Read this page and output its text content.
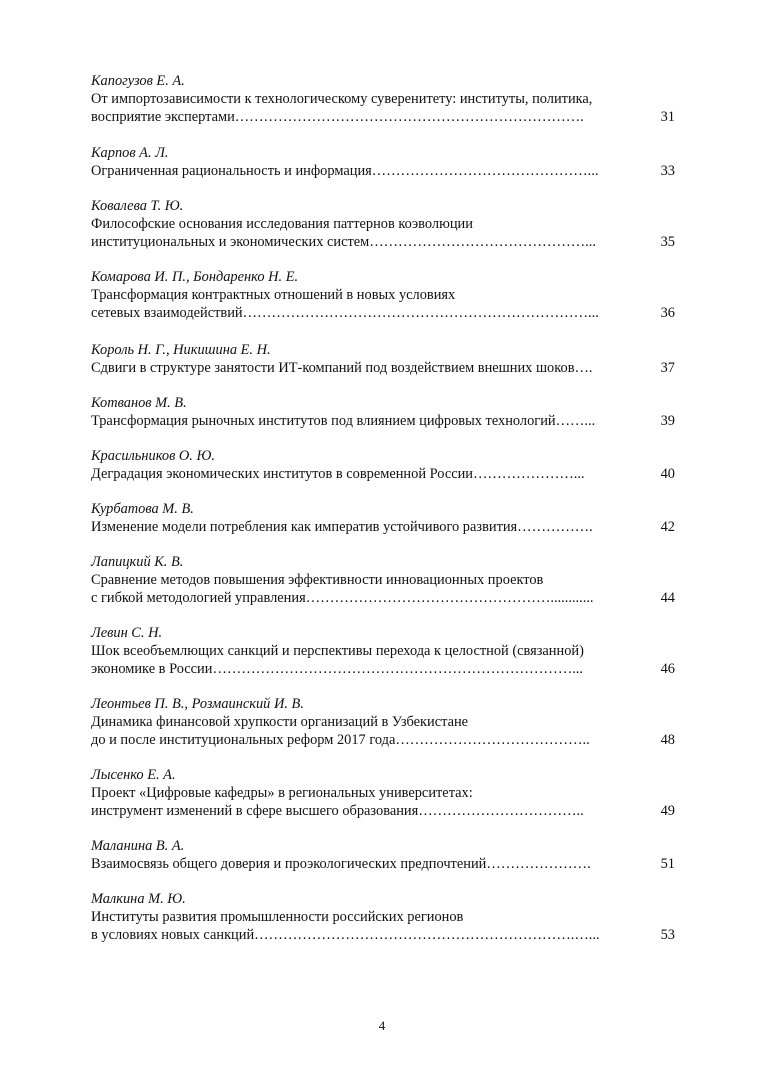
Капогузов Е. А.
От импортозависимости к технологическому суверенитету: институты, политика,
восприятие экспертами……………………………………………………………….	31
Карпов А. Л.
Ограниченная рациональность и информация………………………………………...	33
Ковалева Т. Ю.
Философские основания исследования паттернов коэволюции
институциональных и экономических систем………………………………………...	35
Комарова И. П., Бондаренко Н. Е.
Трансформация контрактных отношений в новых условиях
сетевых взаимодействий………………………………………………………………...	36
Король Н. Г., Никишина Е. Н.
Сдвиги в структуре занятости ИТ-компаний под воздействием внешних шоков….	37
Котванов М. В.
Трансформация рыночных институтов под влиянием цифровых технологий……...	39
Красильников О. Ю.
Деградация экономических институтов в современной России…………………...	40
Курбатова М. В.
Изменение модели потребления как императив устойчивого развития…………….	42
Лапицкий К. В.
Сравнение методов повышения эффективности инновационных проектов
с гибкой методологией управления……………………………………………............	44
Левин С. Н.
Шок всеобъемлющих санкций и перспективы перехода к целостной (связанной)
экономике в России…………………………………………………………………...	46
Леонтьев П. В., Розмаинский И. В.
Динамика финансовой хрупкости организаций в Узбекистане
до и после институциональных реформ 2017 года…………………………………..	48
Лысенко Е. А.
Проект «Цифровые кафедры» в региональных университетах:
инструмент изменений в сфере высшего образования……………………………..	49
Маланина В. А.
Взаимосвязь общего доверия и проэкологических предпочтений………………….	51
Малкина М. Ю.
Институты развития промышленности российских регионов
в условиях новых санкций………………………………………………………….…...	53
4
